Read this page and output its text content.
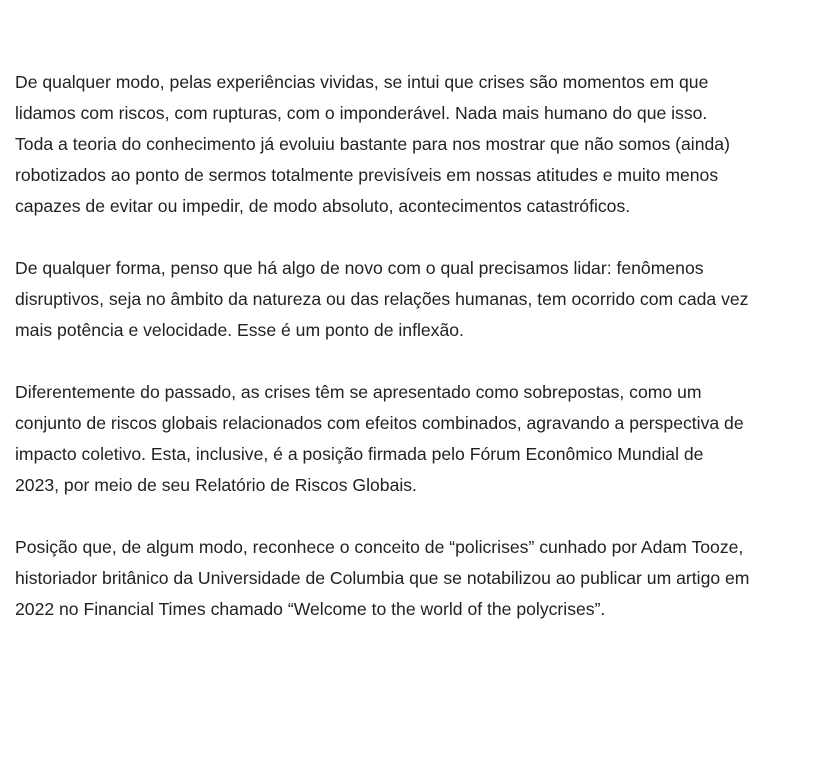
De qualquer modo, pelas experiências vividas, se intui que crises são momentos em que
lidamos com riscos, com rupturas, com o imponderável. Nada mais humano do que isso.
Toda a teoria do conhecimento já evoluiu bastante para nos mostrar que não somos (ainda)
robotizados ao ponto de sermos totalmente previsíveis em nossas atitudes e muito menos
capazes de evitar ou impedir, de modo absoluto, acontecimentos catastróficos.

De qualquer forma, penso que há algo de novo com o qual precisamos lidar: fenômenos
disruptivos, seja no âmbito da natureza ou das relações humanas, tem ocorrido com cada vez
mais potência e velocidade. Esse é um ponto de inflexão.

Diferentemente do passado, as crises têm se apresentado como sobrepostas, como um
conjunto de riscos globais relacionados com efeitos combinados, agravando a perspectiva de
impacto coletivo. Esta, inclusive, é a posição firmada pelo Fórum Econômico Mundial de
2023, por meio de seu Relatório de Riscos Globais.

Posição que, de algum modo, reconhece o conceito de “policrises” cunhado por Adam Tooze,
historiador britânico da Universidade de Columbia que se notabilizou ao publicar um artigo em
2022 no Financial Times chamado “Welcome to the world of the polycrises”.
